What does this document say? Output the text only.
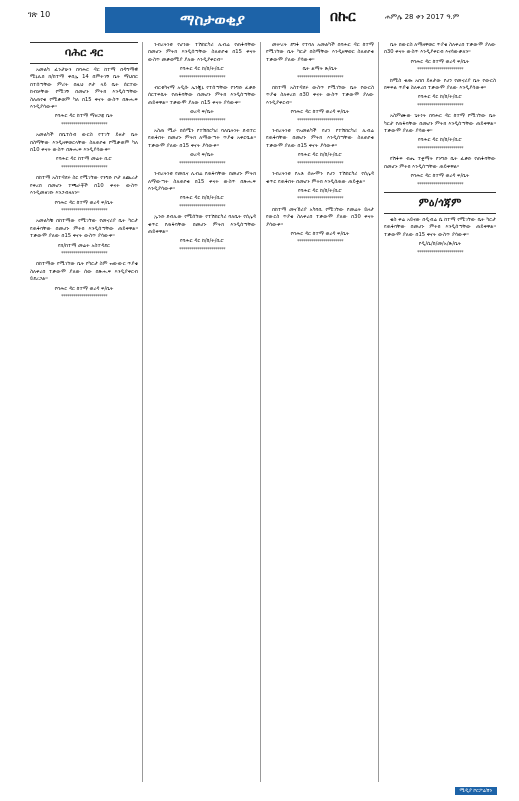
ገጽ 10	ማስታወቂያ	በኩር	ሐምሌ 28 ቀን 2017 ዓ.ም
ባሕር ዳር

አመልካ ፈንታሁን በባሕር ዳር ከተማ በዳግማዊ ሚኒሊክ ክ/ከተማ ቀበሌ 14 በምትገኝ ቤት ማህበር በተሰጣቸው ምሪት በዚህ ቦታ ላይ ቤት ሰርተው ከብቻቸው የሚገኝ በመሆኑ ምትክ እንዲሰጣቸው ስለጠየቁ የሚቃወም ካለ በ15 ቀናት ውስጥ በጽሑፍ እንዲያሳውቅ።

የባሕር ዳር ከተማ ማዘጋጃ ቤት
***********************

አመልካች በቤተሰብ ውርስ የተገኘ ይዞታ ቤት በስማቸው እንዲዘዋወርላቸው ስለጠየቁ የሚቃወም ካለ በ10 ቀናት ውስጥ በጽሑፍ እንዲያሳውቅ።

የባሕር ዳር ከተማ መሬት ቢሮ
***********************

በከተማ አስተዳደሩ ስር የሚገኘው የንግድ ቦታ ለጨረታ የቀረበ በመሆኑ ተጫራቾች በ10 ቀናት ውስጥ እንዲመዘገቡ እንጋብዛለን።

የባሕር ዳር ከተማ ወረዳ ፍ/ቤት
***********************

አመልካቹ በከተማው የሚገኘው የመኖሪያ ቤት ካርታ የጠፋባቸው በመሆኑ ምትክ እንዲሰጣቸው ጠይቀዋል። ተቃውሞ ያለው በ15 ቀናት ውስጥ ያሳውቅ።

የክ/ከተማ መሬት አስተዳደር
***********************

በከተማው የሚገኘው ቤት የካርታ ስም ዝውውር ጥያቄ ስለቀረበ ተቃውሞ ያለው ሰው በጽሑፍ እንዲያቀርብ ይደረጋል።

የባሕር ዳር ከተማ ወረዳ ፍ/ቤት
***********************

ንብረትነቱ የሆነው ተሽከርካሪ ሊብሬ የጠፋባቸው በመሆኑ ምትክ እንዲሰጣቸው ስለጠየቁ በ15 ቀናት ውስጥ መቃወሚያ ያለው እንዲያቀርብ።

የባሕር ዳር ከ/ከ/ት/ቢሮ
***********************

ብርቱካናማ አዲሱ ኤንጂኒ የተሰጣቸው የንግድ ፈቃድ ሰርተፍኬት የጠፋባቸው በመሆኑ ምትክ እንዲሰጣቸው ጠይቀዋል። ተቃውሞ ያለው በ15 ቀናት ያሳውቅ።

ወረዳ ፍ/ቤት
***********************

አስጠ ሚራ በሰሜን የተሽከርካሪ ባለቤትነት ደብተር የጠፋበት በመሆኑ ምትክ ለማውጣት ጥያቄ አቅርቧል። ተቃውሞ ያለው በ15 ቀናት ያሳውቅ።

ወረዳ ፍ/ቤት
***********************

ንብረትነቱ የመኪና ሊብሬ የጠፋባቸው በመሆኑ ምትክ ለማውጣት ስለጠየቁ በ15 ቀናት ውስጥ በጽሑፍ እንዲያሳውቅ።

የባሕር ዳር ከ/ከ/ት/ቢሮ
***********************

ኢንድ ደብሊው የሚሰኘው የተሽከርካሪ ባለቤት የሰሌዳ ቁጥር የጠፋባቸው በመሆኑ ምትክ እንዲሰጣቸው ጠይቀዋል።

የባሕር ዳር ከ/ከ/ት/ቢሮ
***********************

መሠረት ደግፋ የተባለ አመልካች በባሕር ዳር ከተማ የሚገኘው ቤት ካርታ በስማቸው እንዲዘዋወር ስለጠየቁ ተቃውሞ ያለው ያሳውቅ።

ቤት ልማት ጽ/ቤት
***********************

በከተማ አስተዳደሩ ውስጥ የሚገኘው ቤት የውርስ ጥያቄ ስለቀረበ በ30 ቀናት ውስጥ ተቃውሞ ያለው እንዲያቀርብ።

የባሕር ዳር ከተማ ወረዳ ፍ/ቤት
***********************

ንብረትነቱ የአመልካች የሆነ የተሽከርካሪ ሊብሬ የጠፋባቸው በመሆኑ ምትክ እንዲሰጣቸው ስለጠየቁ ተቃውሞ ያለው በ15 ቀናት ያሳውቅ።

የባሕር ዳር ከ/ከ/ት/ቢሮ
***********************

ንብረትነቱ የአቶ ሰሎሞን የሆነ ተሽከርካሪ የሰሌዳ ቁጥር የጠፋበት በመሆኑ ምትክ እንዲሰጠው ጠይቋል።

የባሕር ዳር ከ/ከ/ት/ቢሮ
***********************

በከተማ መናኸሪያ አካባቢ የሚገኘው የመሬት ይዞታ የውርስ ጥያቄ ስለቀረበ ተቃውሞ ያለው በ30 ቀናት ያሳውቅ።

የባሕር ዳር ከተማ ወረዳ ፍ/ቤት
***********************

ቤት በውርስ ለማዘዋወር ጥያቄ ስለቀረበ ተቃውሞ ያለው በ30 ቀናት ውስጥ እንዲያቀርብ እናሳውቃለን።

የባሕር ዳር ከተማ ወረዳ ፍ/ቤት
***********************

ከሚስ ቂጡ አበበ ይዞታው የሆነ የመኖሪያ ቤት የውርስ ክፍፍል ጥያቄ ስለቀረበ ተቃውሞ ያለው እንዲያሳውቅ።

የባሕር ዳር ከ/ከ/ት/ቢሮ
***********************

አስምሙው ጌትነት በባሕር ዳር ከተማ የሚገኘው ቤት ካርታ የጠፋባቸው በመሆኑ ምትክ እንዲሰጣቸው ጠይቀዋል። ተቃውሞ ያለው ያሳውቅ።

የባሕር ዳር ከ/ከ/ት/ቢሮ
***********************

የሽፋፍ ብሔ ተቋማት የንግድ ቤት ፈቃድ የጠፋባቸው በመሆኑ ምትክ እንዲሰጣቸው ጠይቀዋል።

የባሕር ዳር ከተማ ወረዳ ፍ/ቤት
***********************
ምዕ/ጎጃም

ቄስ ቀሬ አይናው በዲብሬ ሴ ከተማ የሚገኘው ቤት ካርታ የጠፋባቸው በመሆኑ ምትክ እንዲሰጣቸው ጠይቀዋል። ተቃውሞ ያለው በ15 ቀናት ውስጥ ያሳውቅ።

የዲ/ሴ/ከ/መ/አ/ጽ/ቤት
***********************
ሚዲያ ኮርፖሬሽን
